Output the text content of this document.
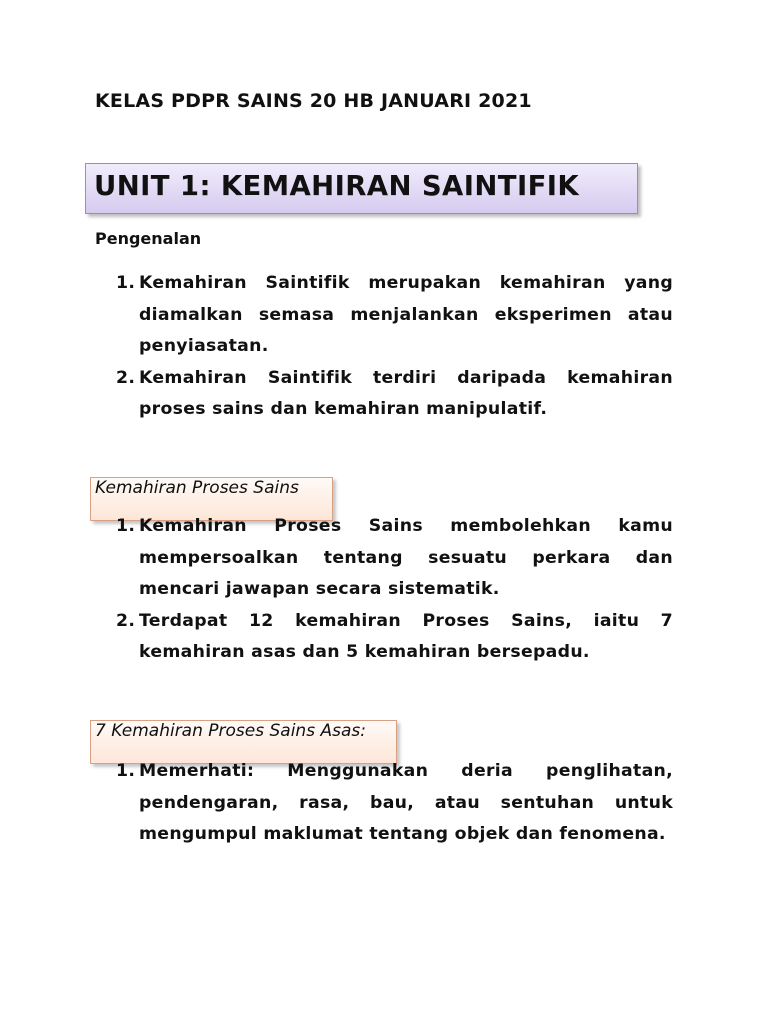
KELAS PDPR SAINS 20 HB JANUARI 2021
UNIT 1: KEMAHIRAN SAINTIFIK
Pengenalan
1. Kemahiran Saintifik merupakan kemahiran yang diamalkan semasa menjalankan eksperimen atau penyiasatan.
2. Kemahiran Saintifik terdiri daripada kemahiran proses sains dan kemahiran manipulatif.
Kemahiran Proses Sains
1. Kemahiran Proses Sains membolehkan kamu mempersoalkan tentang sesuatu perkara dan mencari jawapan secara sistematik.
2. Terdapat 12 kemahiran Proses Sains, iaitu 7 kemahiran asas dan 5 kemahiran bersepadu.
7 Kemahiran Proses Sains Asas:
1. Memerhati: Menggunakan deria penglihatan, pendengaran, rasa, bau, atau sentuhan untuk mengumpul maklumat tentang objek dan fenomena.
